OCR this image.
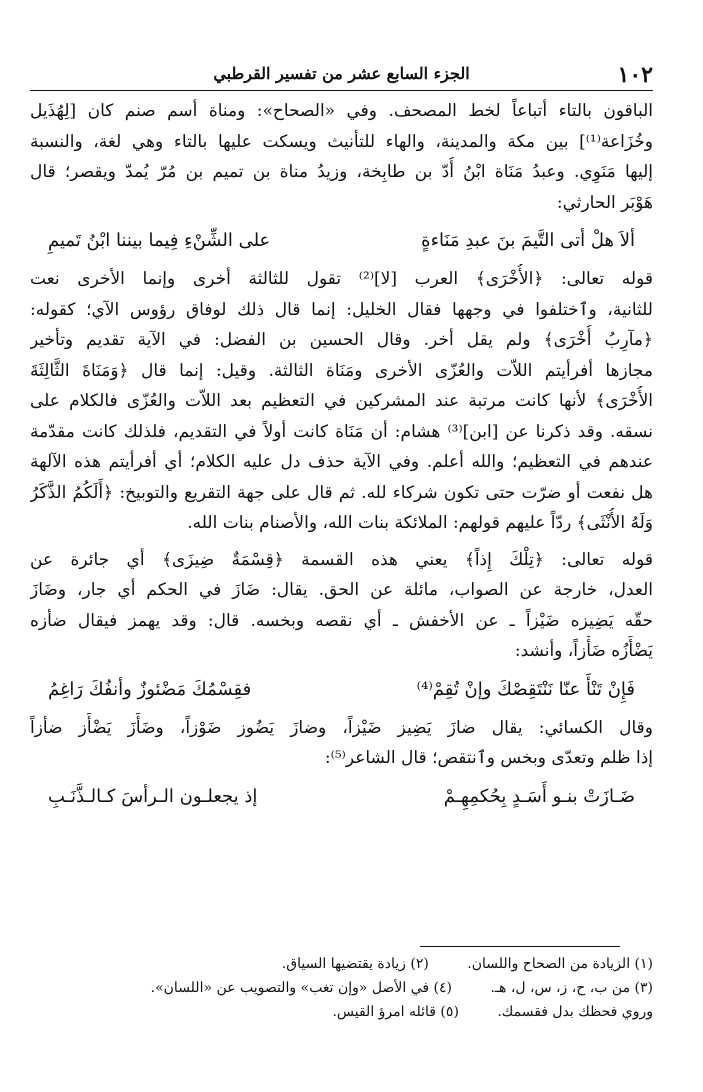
١٠٢
الجزء السابع عشر من تفسير القرطبي
الباقون بالتاء أتباعاً لخط المصحف. وفي «الصحاح»: ومناة أسم صنم كان [لِهُذَيل
وخُزَاعة⁽¹⁾] بين مكة والمدينة، والهاء للتأنيث ويسكت عليها بالتاء وهي لغة، والنسبة
إليها مَنَوِي. وعبدُ مَنَاة ابْنُ أُدّ بن طابِخة، وزيدُ مناة بن تميم بن مُرّ يُمدّ ويقصر؛ قال
هَوْبَر الحارثي:
ألاَ هلْ أتى التَّيمَ بنَ عبدِ مَنَاءةٍ
على الشِّنْءِ فِيما بيننا ابْنُ تَميمِ
قوله تعالى: ﴿الأُخْرَى﴾ العرب [لا]⁽²⁾ تقول للثالثة أخرى وإنما الأخرى نعت
للثانية، وٱختلفوا في وجهها فقال الخليل: إنما قال ذلك لوفاق رؤوس الآي؛ كقوله:
﴿مآرِبُ أُخْرَى﴾ ولم يقل أخر. وقال الحسين بن الفضل: في الآية تقديم وتأخير
مجازها أفرأيتم اللاّت والعُزّى الأخرى ومَنَاة الثالثة. وقيل: إنما قال ﴿وَمَنَاةَ الثَّالِثَةَ
الأُخْرَى﴾ لأنها كانت مرتبة عند المشركين في التعظيم بعد اللاّت والعُزّى فالكلام على
نسقه. وقد ذكرنا عن [ابن]⁽³⁾ هشام: أن مَنَاة كانت أولاً في التقديم، فلذلك كانت مقدّمة
عندهم في التعظيم؛ والله أعلم. وفي الآية حذف دل عليه الكلام؛ أي أفرأيتم هذه الآلهة
هل نفعت أو ضرّت حتى تكون شركاء لله. ثم قال على جهة التقريع والتوبيخ: ﴿أَلَكُمُ الذَّكَرُ
وَلَهُ الأُنْثَى﴾ ردّاً عليهم قولهم: الملائكة بنات الله، والأصنام بنات الله.
قوله تعالى: ﴿تِلْكَ إِذاً﴾ يعني هذه القسمة ﴿قِسْمَةٌ ضِيزَى﴾ أي جائرة عن
العدل، خارجة عن الصواب، مائلة عن الحق. يقال: ضَازَ في الحكم أي جار، وضَازَ
حقّه يَضِيزه ضَيْزاً ـ عن الأخفش ـ أي نقصه وبخسه. قال: وقد يهمز فيقال ضأزه
يَضْأَزُه ضَأْزاً، وأنشد:
فَإِنْ تَنْأَ عنّا نَنْتَقِصْكَ وإنْ تُقِمْ⁽⁴⁾
فقِسْمُكَ مَضْئوزٌ وأنفُكَ رَاغِمُ
وقال الكسائي: يقال ضازَ يَضِيز ضَيْزاً، وضازَ يَضُوز ضَوْزاً، وضَأَزَ يَضْأَز ضأزاً
إذا ظلم وتعدّى وبخس وٱنتقص؛ قال الشاعر⁽⁵⁾:
ضَـازَتْ بنـو أَسَـدٍ بِحُكمِهِـمْ
إذ يجعلـون الـرأسَ كـالـذَّنَـبِ
(١) الزيادة من الصحاح واللسان. (٢) زيادة يقتضيها السياق.
(٣) من ب، ح، ز، س، ل، هـ. (٤) في الأصل «وإن تغب» والتصويب عن «اللسان».
وروي فحظك بدل فقسمك. (٥) قائله امرؤ القيس.
